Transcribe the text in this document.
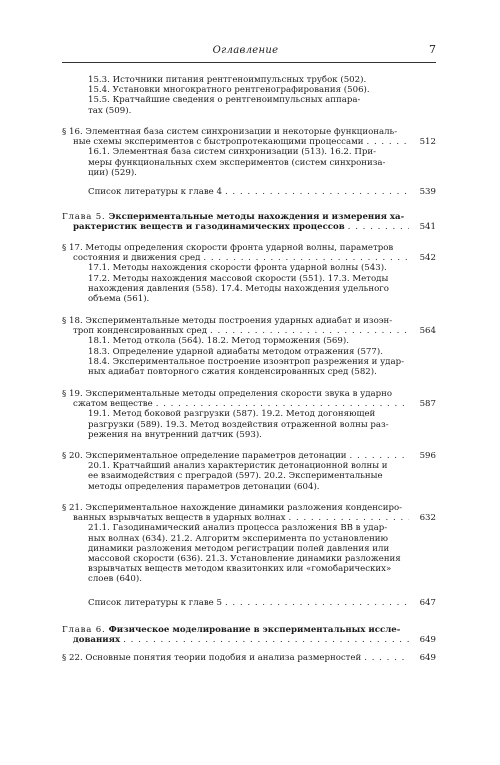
Оглавление	7
15.3. Источники питания рентгеноимпульсных трубок (502).
15.4. Установки многократного рентгенографирования (506).
15.5. Кратчайшие сведения о рентгеноимпульсных аппара-
тах (509).
§ 16. Элементная база систем синхронизации и некоторые функциональ-
ные схемы экспериментов с быстропротекающими процессами . . .	512
16.1. Элементная база систем синхронизации (513). 16.2. При-
меры функциональных схем экспериментов (систем синхрониза-
ции) (529).
Список литературы к главе 4 . . .	539
Глава 5. Экспериментальные методы нахождения и измерения ха-
рактеристик веществ и газодинамических процессов . . .	541
§ 17. Методы определения скорости фронта ударной волны, параметров
состояния и движения сред . . .	542
17.1. Методы нахождения скорости фронта ударной волны (543).
17.2. Методы нахождения массовой скорости (551). 17.3. Методы
нахождения давления (558). 17.4. Методы нахождения удельного
объема (561).
§ 18. Экспериментальные методы построения ударных адиабат и изоэн-
троп конденсированных сред . . .	564
18.1. Метод откола (564). 18.2. Метод торможения (569).
18.3. Определение ударной адиабаты методом отражения (577).
18.4. Экспериментальное построение изоэнтроп разрежения и удар-
ных адиабат повторного сжатия конденсированных сред (582).
§ 19. Экспериментальные методы определения скорости звука в ударно
сжатом веществе . . .	587
19.1. Метод боковой разгрузки (587). 19.2. Метод догоняющей
разгрузки (589). 19.3. Метод воздействия отраженной волны раз-
режения на внутренний датчик (593).
§ 20. Экспериментальное определение параметров детонации . . .	596
20.1. Кратчайший анализ характеристик детонационной волны и
ее взаимодействия с преградой (597). 20.2. Экспериментальные
методы определения параметров детонации (604).
§ 21. Экспериментальное нахождение динамики разложения конденсиро-
ванных взрывчатых веществ в ударных волнах . . .	632
21.1. Газодинамический анализ процесса разложения ВВ в удар-
ных волнах (634). 21.2. Алгоритм эксперимента по установлению
динамики разложения методом регистрации полей давления или
массовой скорости (636). 21.3. Установление динамики разложения
взрывчатых веществ методом квазитонких или «гомобарических»
слоев (640).
Список литературы к главе 5 . . .	647
Глава 6. Физическое моделирование в экспериментальных иссле-
дованиях . . .	649
§ 22. Основные понятия теории подобия и анализа размерностей . . .	649
